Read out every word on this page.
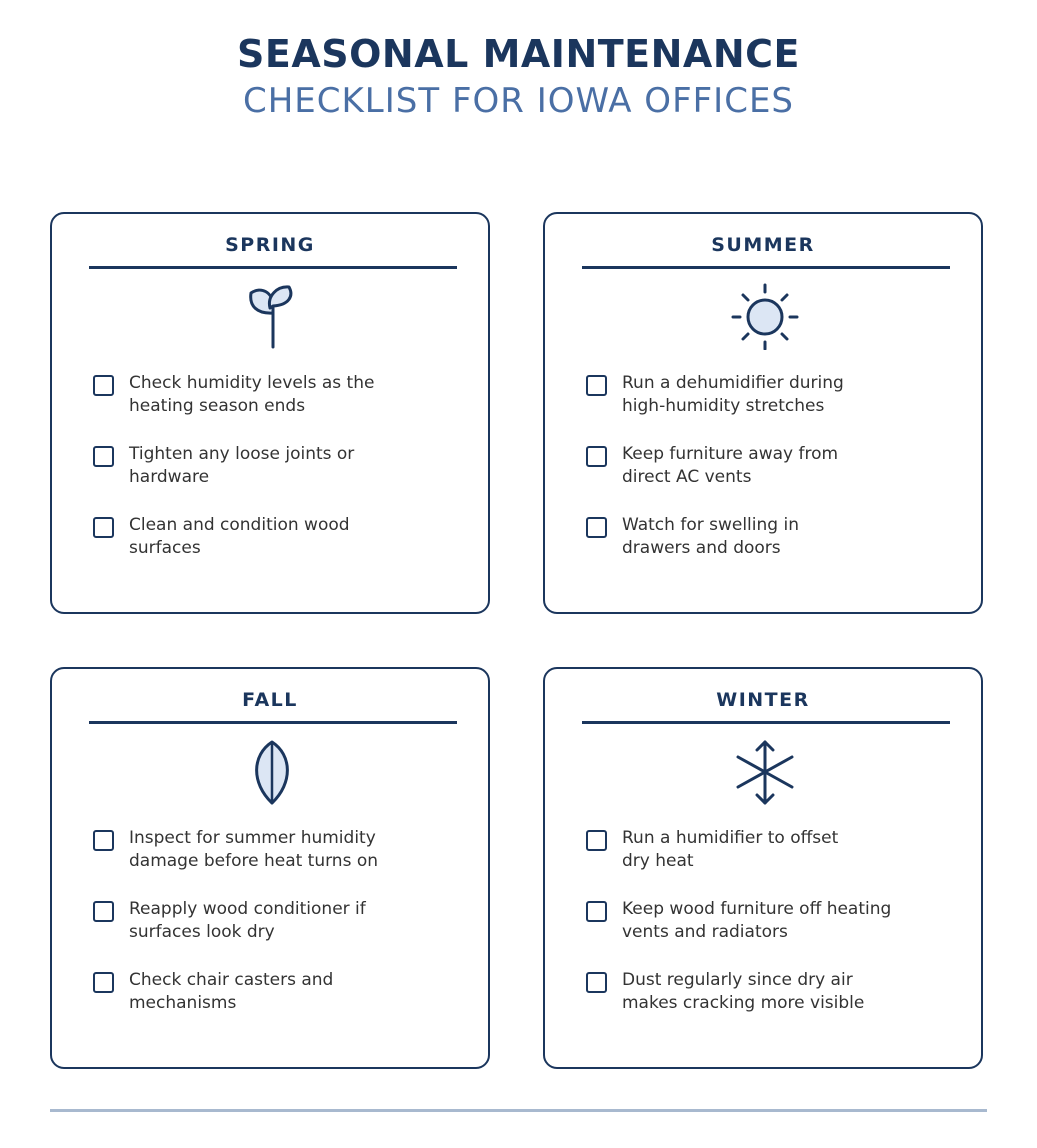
SEASONAL MAINTENANCE
CHECKLIST FOR IOWA OFFICES
SPRING
Check humidity levels as the
heating season ends
Tighten any loose joints or
hardware
Clean and condition wood
surfaces
SUMMER
Run a dehumidifier during
high-humidity stretches
Keep furniture away from
direct AC vents
Watch for swelling in
drawers and doors
FALL
Inspect for summer humidity
damage before heat turns on
Reapply wood conditioner if
surfaces look dry
Check chair casters and
mechanisms
WINTER
Run a humidifier to offset
dry heat
Keep wood furniture off heating
vents and radiators
Dust regularly since dry air
makes cracking more visible
